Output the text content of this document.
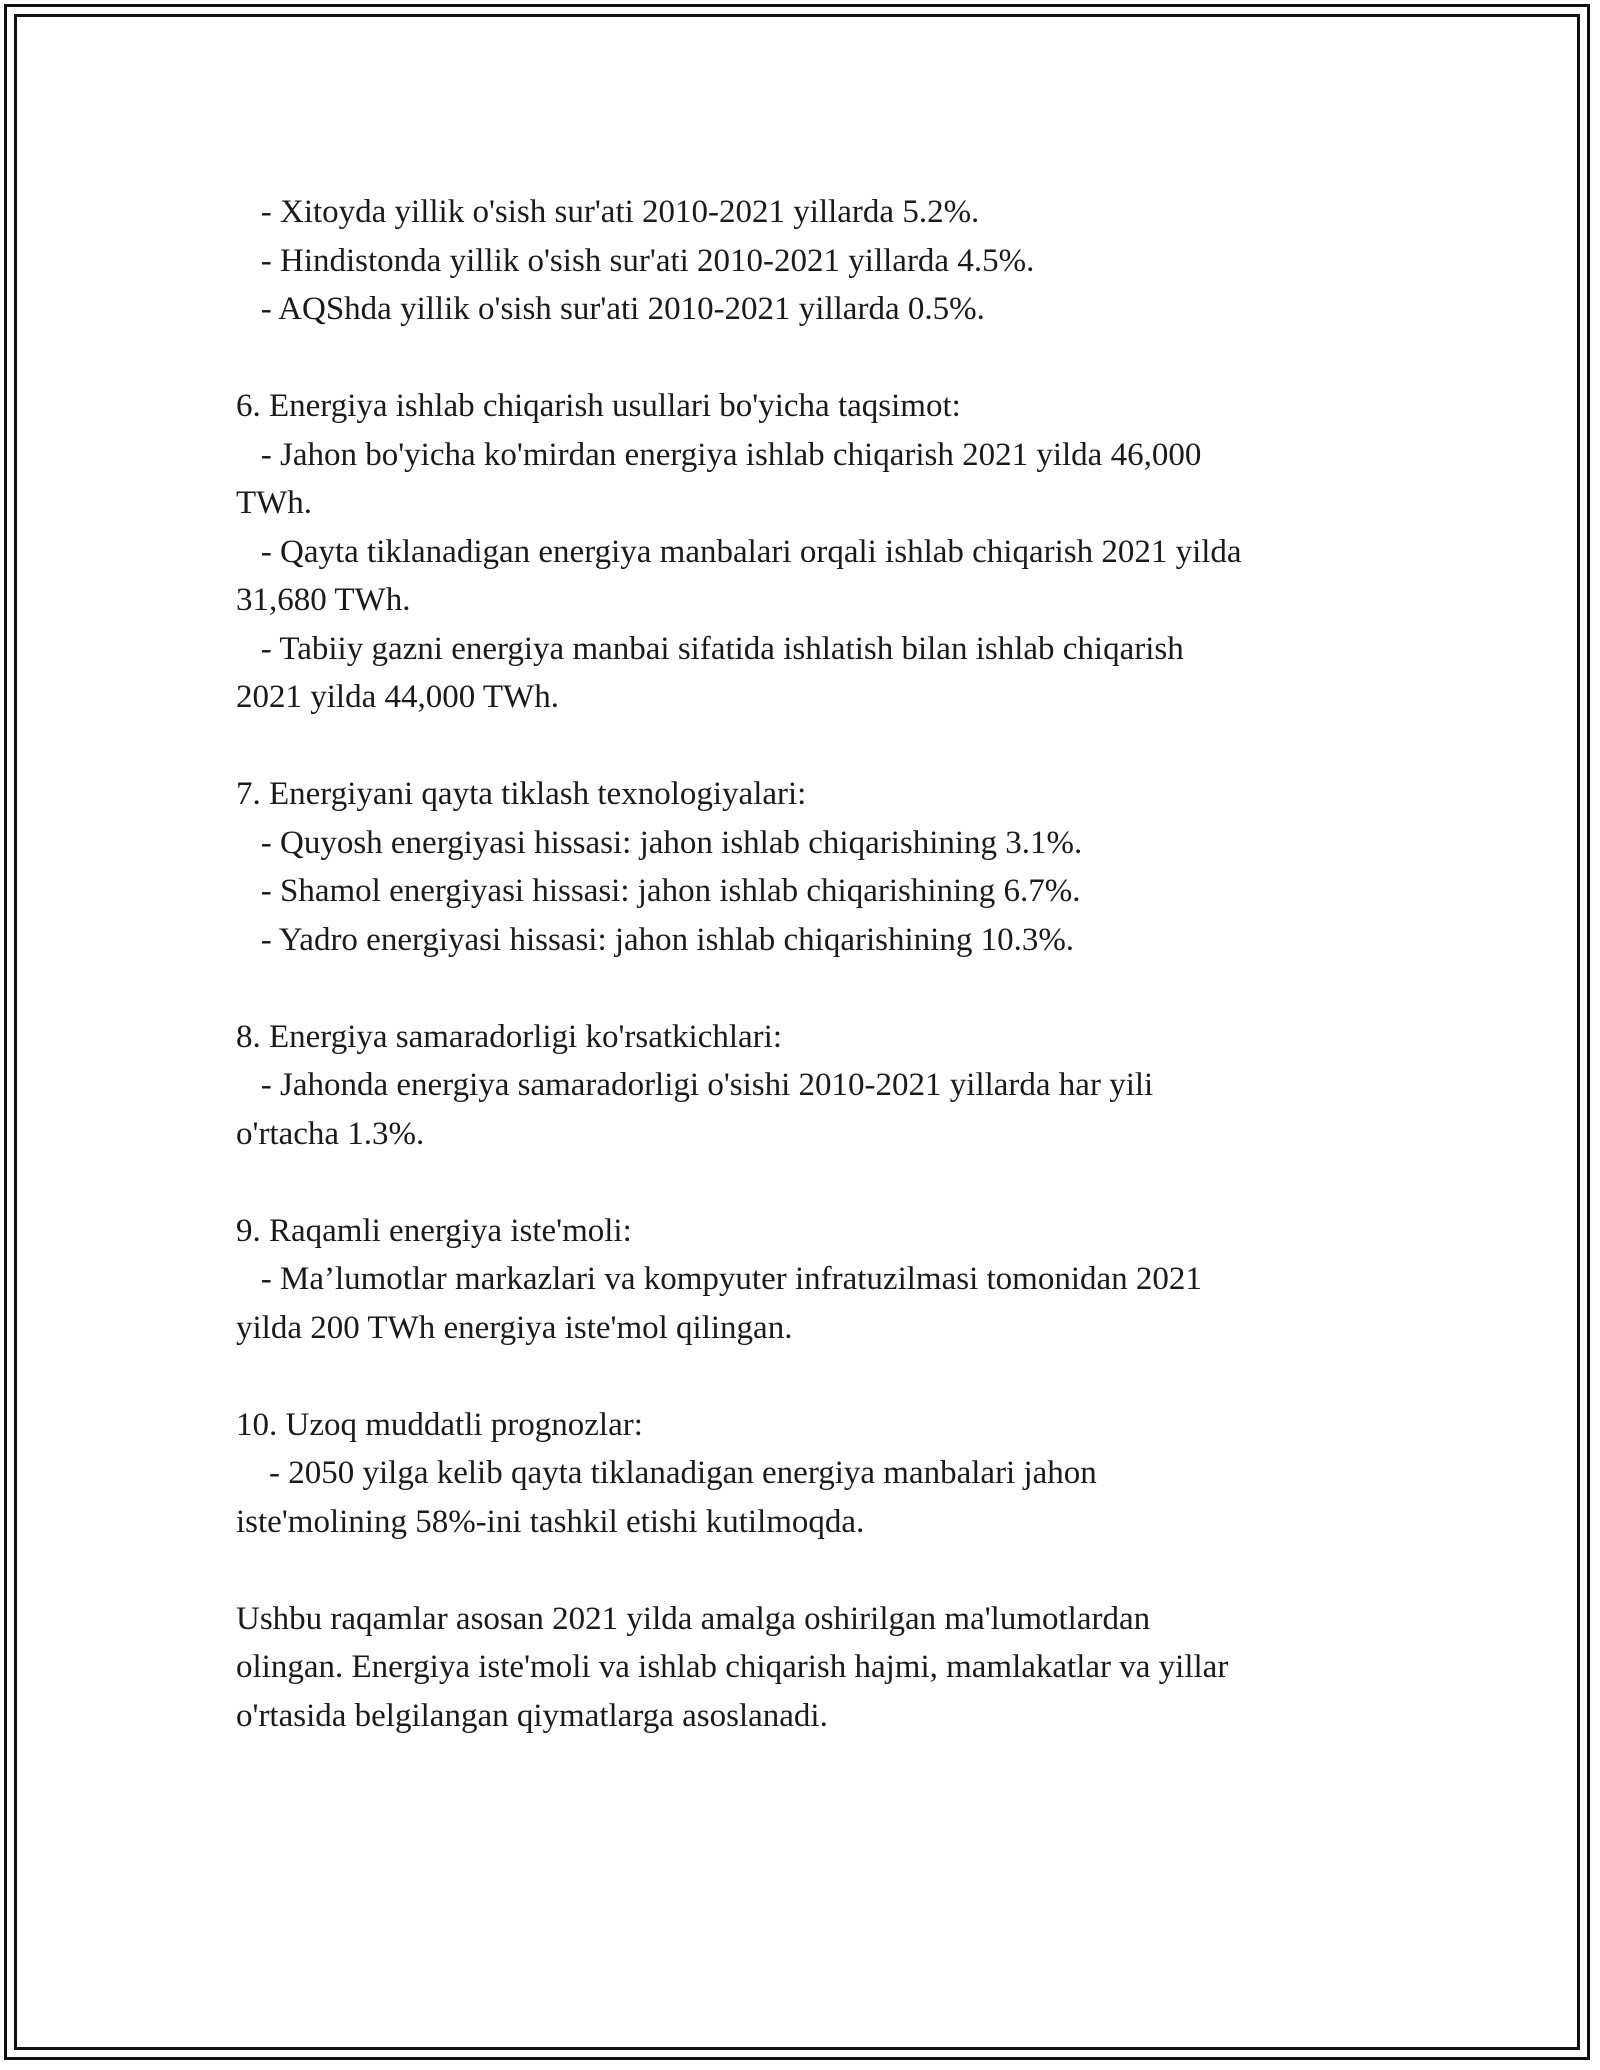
- Xitoyda yillik o'sish sur'ati 2010-2021 yillarda 5.2%.
- Hindistonda yillik o'sish sur'ati 2010-2021 yillarda 4.5%.
- AQShda yillik o'sish sur'ati 2010-2021 yillarda 0.5%.
6. Energiya ishlab chiqarish usullari bo'yicha taqsimot:
- Jahon bo'yicha ko'mirdan energiya ishlab chiqarish 2021 yilda 46,000
TWh.
- Qayta tiklanadigan energiya manbalari orqali ishlab chiqarish 2021 yilda
31,680 TWh.
- Tabiiy gazni energiya manbai sifatida ishlatish bilan ishlab chiqarish
2021 yilda 44,000 TWh.
7. Energiyani qayta tiklash texnologiyalari:
- Quyosh energiyasi hissasi: jahon ishlab chiqarishining 3.1%.
- Shamol energiyasi hissasi: jahon ishlab chiqarishining 6.7%.
- Yadro energiyasi hissasi: jahon ishlab chiqarishining 10.3%.
8. Energiya samaradorligi ko'rsatkichlari:
- Jahonda energiya samaradorligi o'sishi 2010-2021 yillarda har yili
o'rtacha 1.3%.
9. Raqamli energiya iste'moli:
- Ma’lumotlar markazlari va kompyuter infratuzilmasi tomonidan 2021
yilda 200 TWh energiya iste'mol qilingan.
10. Uzoq muddatli prognozlar:
- 2050 yilga kelib qayta tiklanadigan energiya manbalari jahon
iste'molining 58%-ini tashkil etishi kutilmoqda.
Ushbu raqamlar asosan 2021 yilda amalga oshirilgan ma'lumotlardan
olingan. Energiya iste'moli va ishlab chiqarish hajmi, mamlakatlar va yillar
o'rtasida belgilangan qiymatlarga asoslanadi.
